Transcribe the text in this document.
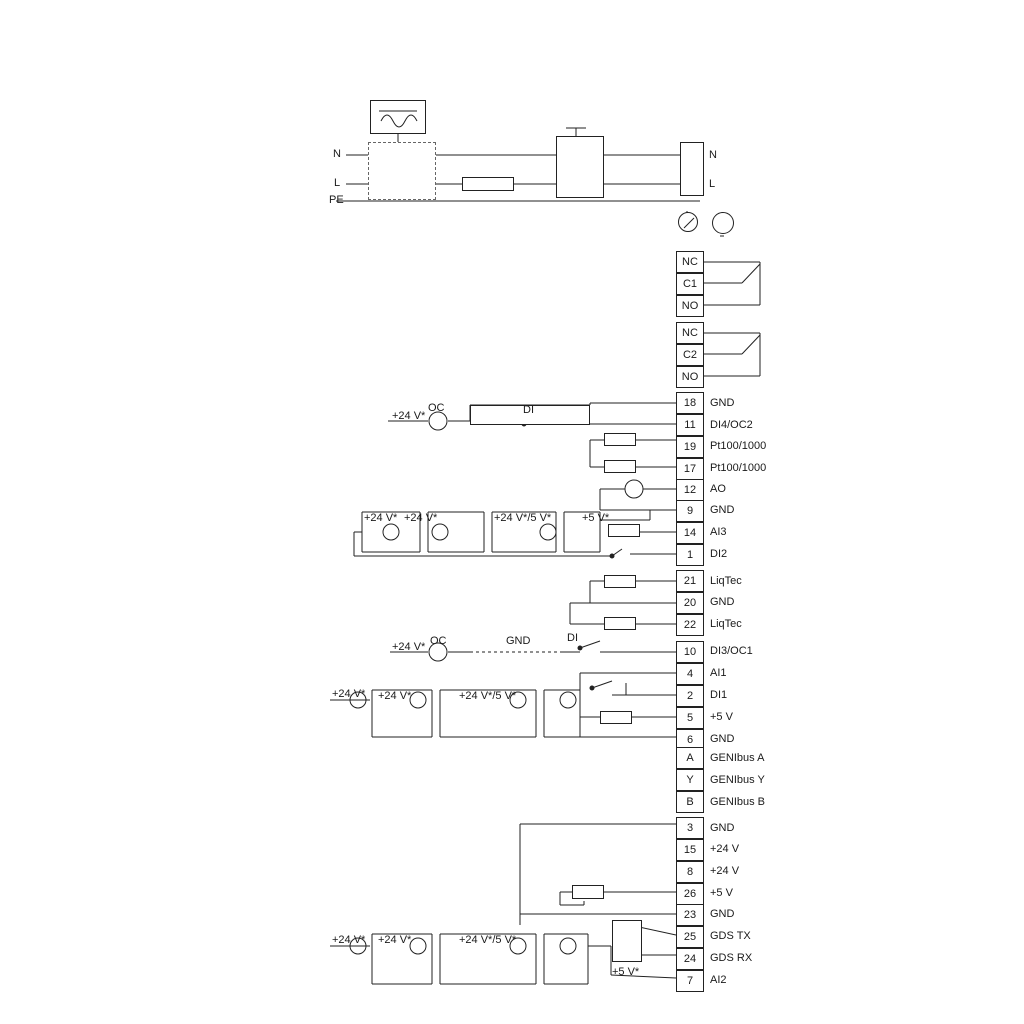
N
L
PE
N
L
NC
C1
NO
NC
C2
NO
18	GND
11	DI4/OC2
19	Pt100/1000
17	Pt100/1000
12	AO
9	GND
14	AI3
1	DI2
21	LiqTec
20	GND
22	LiqTec
10	DI3/OC1
4	AI1
2	DI1
5	+5 V
6	GND
A	GENIbus A
Y	GENIbus Y
B	GENIbus B
3	GND
15	+24 V
8	+24 V
26	+5 V
23	GND
25	GDS TX
24	GDS RX
7	AI2
+24 V*
OC	DI
+24 V* +24 V*	+24 V*/5 V*	+5 V*
+24 V* OC	GND	DI
+24 V* +24 V*	+24 V*/5 V*
+24 V* +24 V*	+24 V*/5 V*
+5 V*
